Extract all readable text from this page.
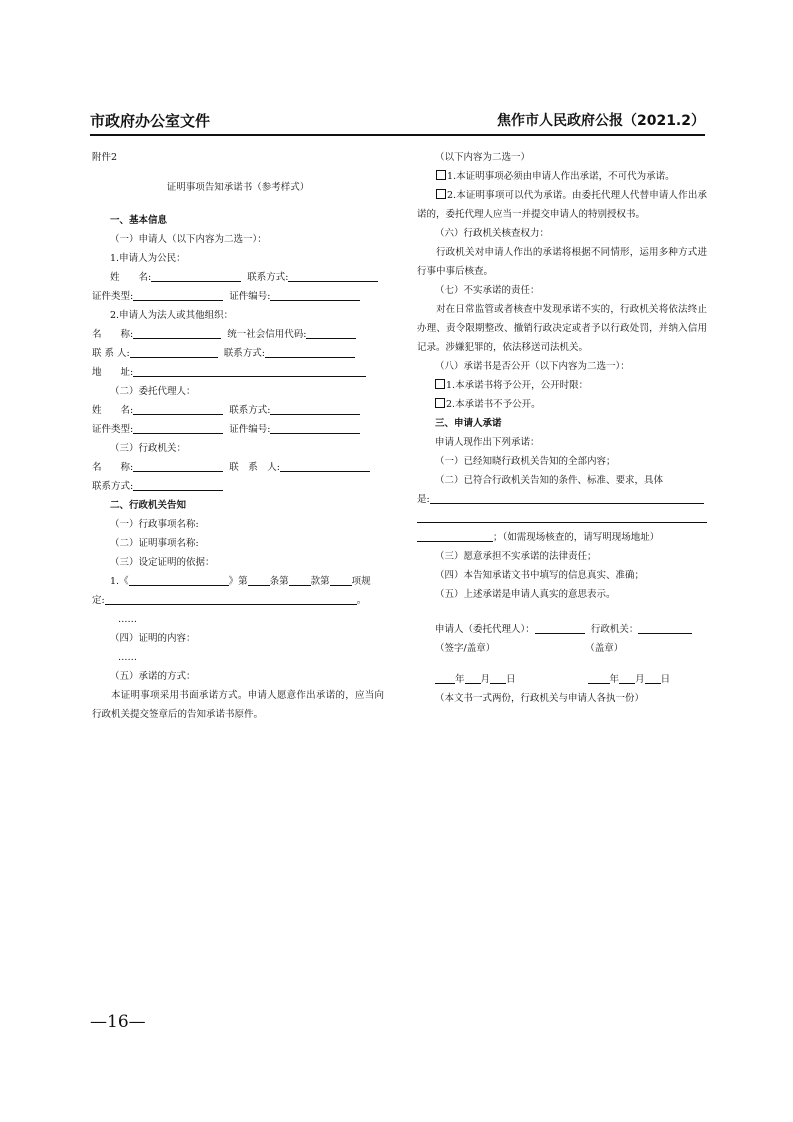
市政府办公室文件	焦作市人民政府公报（2021.2）
附件2
证明事项告知承诺书（参考样式）
一、基本信息
（一）申请人（以下内容为二选一）：
1.申请人为公民：
姓　　名:	联系方式:
证件类型:	证件编号:
2.申请人为法人或其他组织：
名　　称:	统一社会信用代码:
联 系 人:	联系方式:
地　　址:
（二）委托代理人：
姓　　名:	联系方式:
证件类型:	证件编号:
（三）行政机关：
名　　称:	联　系　人:
联系方式:
二、行政机关告知
（一）行政事项名称:
（二）证明事项名称:
（三）设定证明的依据：
1.《	》第 条第 款第 项规
定:	。
……
（四）证明的内容：
……
（五）承诺的方式：
本证明事项采用书面承诺方式。申请人愿意作出承诺的，应当向行政机关提交签章后的告知承诺书原件。
（以下内容为二选一）
1.本证明事项必须由申请人作出承诺，不可代为承诺。
2.本证明事项可以代为承诺。由委托代理人代替申请人作出承诺的，委托代理人应当一并提交申请人的特别授权书。
（六）行政机关核查权力：
行政机关对申请人作出的承诺将根据不同情形，运用多种方式进行事中事后核查。
（七）不实承诺的责任：
对在日常监管或者核查中发现承诺不实的，行政机关将依法终止办理、责令限期整改、撤销行政决定或者予以行政处罚，并纳入信用记录。涉嫌犯罪的，依法移送司法机关。
（八）承诺书是否公开（以下内容为二选一）：
1.本承诺书将予公开，公开时限：
2.本承诺书不予公开。
三、申请人承诺
申请人现作出下列承诺：
（一）已经知晓行政机关告知的全部内容；
（二）已符合行政机关告知的条件、标准、要求，具体
是:
；（如需现场核查的，请写明现场地址）
（三）愿意承担不实承诺的法律责任；
（四）本告知承诺文书中填写的信息真实、准确；
（五）上述承诺是申请人真实的意思表示。
申请人（委托代理人）：	行政机关：
（签字/盖章）	（盖章）
年 月 日	年 月 日
（本文书一式两份，行政机关与申请人各执一份）
—16—
